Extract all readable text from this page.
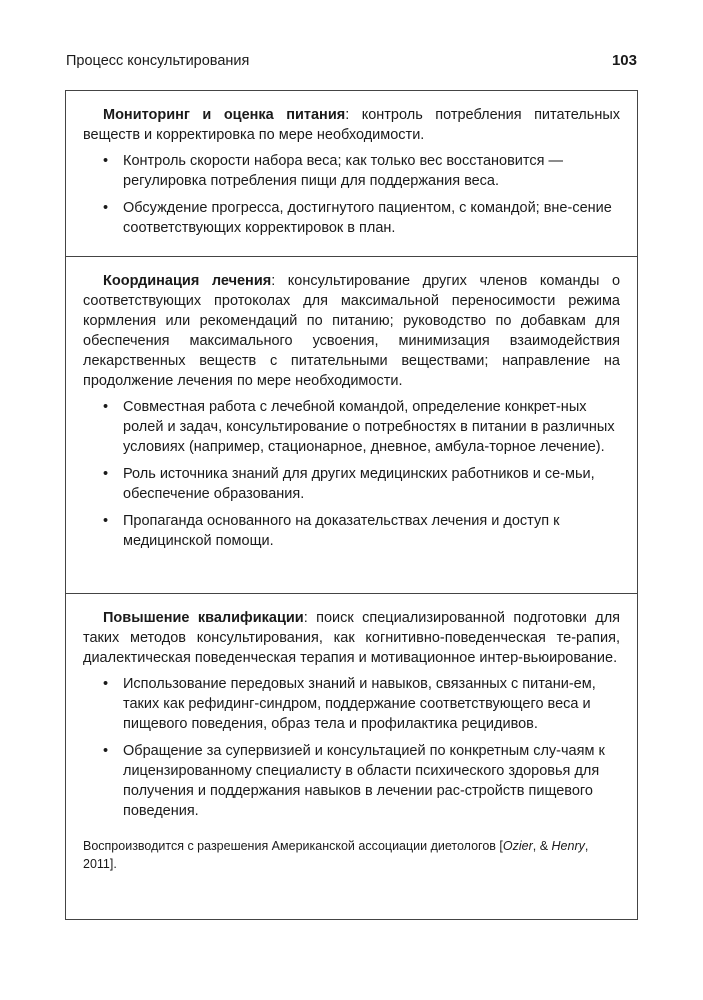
Процесс консультирования	103

Мониторинг и оценка питания: контроль потребления питательных веществ и корректировка по мере необходимости.

• Контроль скорости набора веса; как только вес восстановится — регулировка потребления пищи для поддержания веса.
• Обсуждение прогресса, достигнутого пациентом, с командой; вне-сение соответствующих корректировок в план.

Координация лечения: консультирование других членов команды о соответствующих протоколах для максимальной переносимости режима кормления или рекомендаций по питанию; руководство по добавкам для обеспечения максимального усвоения, минимизация взаимодействия лекарственных веществ с питательными веществами; направление на продолжение лечения по мере необходимости.

• Совместная работа с лечебной командой, определение конкрет-ных ролей и задач, консультирование о потребностях в питании в различных условиях (например, стационарное, дневное, амбула-торное лечение).
• Роль источника знаний для других медицинских работников и се-мьи, обеспечение образования.
• Пропаганда основанного на доказательствах лечения и доступ к медицинской помощи.

Повышение квалификации: поиск специализированной подготовки для таких методов консультирования, как когнитивно-поведенческая те-рапия, диалектическая поведенческая терапия и мотивационное интер-вьюирование.

• Использование передовых знаний и навыков, связанных с питани-ем, таких как рефидинг-синдром, поддержание соответствующего веса и пищевого поведения, образ тела и профилактика рецидивов.
• Обращение за супервизией и консультацией по конкретным слу-чаям к лицензированному специалисту в области психического здоровья для получения и поддержания навыков в лечении рас-стройств пищевого поведения.
Воспроизводится с разрешения Американской ассоциации диетологов [Ozier, & Henry, 2011].
